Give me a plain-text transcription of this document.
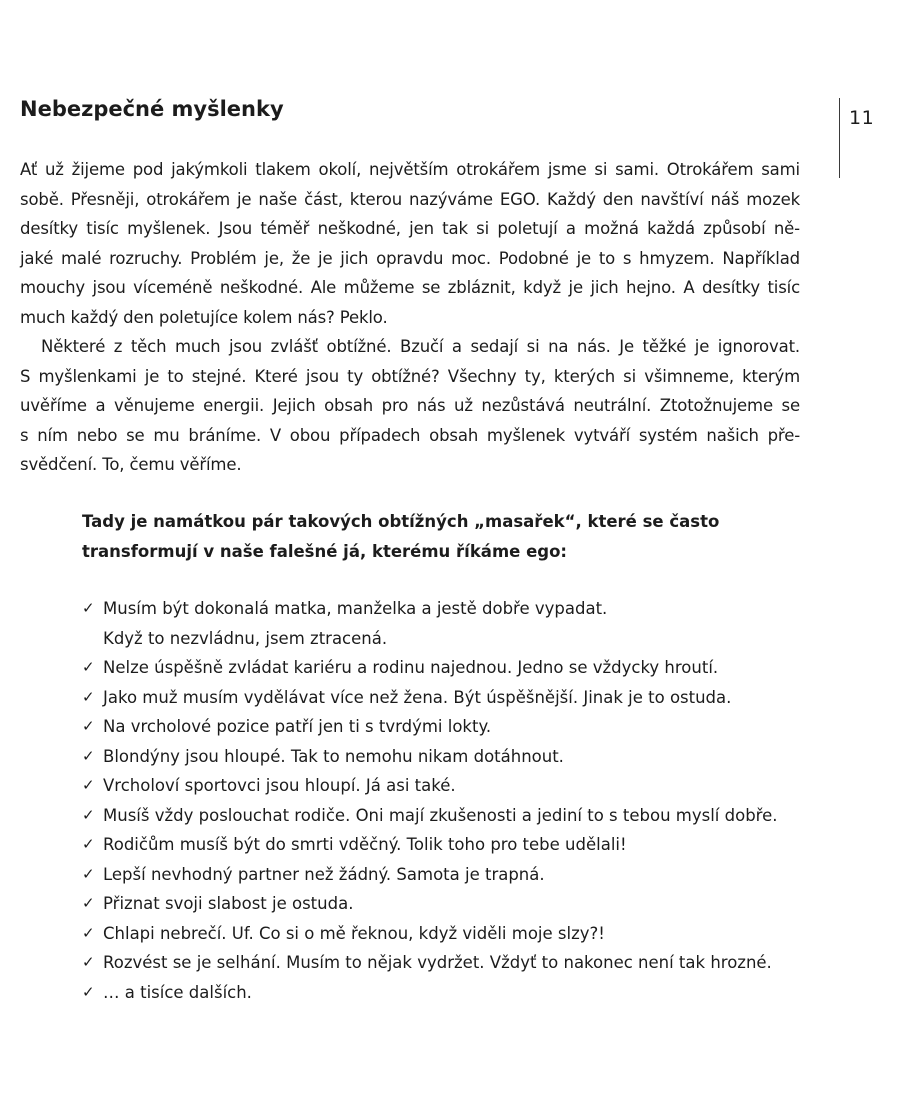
11
Nebezpečné myšlenky

Ať už žijeme pod jakýmkoli tlakem okolí, největším otrokářem jsme si sami. Otrokářem sami
sobě. Přesněji, otrokářem je naše část, kterou nazýváme EGO. Každý den navštíví náš mozek
desítky tisíc myšlenek. Jsou téměř neškodné, jen tak si poletují a možná každá způsobí ně-
jaké malé rozruchy. Problém je, že je jich opravdu moc. Podobné je to s hmyzem. Například
mouchy jsou víceméně neškodné. Ale můžeme se zbláznit, když je jich hejno. A desítky tisíc
much každý den poletujíce kolem nás? Peklo.

Některé z těch much jsou zvlášť obtížné. Bzučí a sedají si na nás. Je těžké je ignorovat.
S myšlenkami je to stejné. Které jsou ty obtížné? Všechny ty, kterých si všimneme, kterým
uvěříme a věnujeme energii. Jejich obsah pro nás už nezůstává neutrální. Ztotožnujeme se
s ním nebo se mu bráníme. V obou případech obsah myšlenek vytváří systém našich pře-
svědčení. To, čemu věříme.

Tady je namátkou pár takových obtížných „masařek“, které se často
transformují v naše falešné já, kterému říkáme ego:
✓ Musím být dokonalá matka, manželka a jestě dobře vypadat.
Když to nezvládnu, jsem ztracená.
✓ Nelze úspěšně zvládat kariéru a rodinu najednou. Jedno se vždycky hroutí.
✓ Jako muž musím vydělávat více než žena. Být úspěšnější. Jinak je to ostuda.
✓ Na vrcholové pozice patří jen ti s tvrdými lokty.
✓ Blondýny jsou hloupé. Tak to nemohu nikam dotáhnout.
✓ Vrcholoví sportovci jsou hloupí. Já asi také.
✓ Musíš vždy poslouchat rodiče. Oni mají zkušenosti a jediní to s tebou myslí dobře.
✓ Rodičům musíš být do smrti vděčný. Tolik toho pro tebe udělali!
✓ Lepší nevhodný partner než žádný. Samota je trapná.
✓ Přiznat svoji slabost je ostuda.
✓ Chlapi nebrečí. Uf. Co si o mě řeknou, když viděli moje slzy?!
✓ Rozvést se je selhání. Musím to nějak vydržet. Vždyť to nakonec není tak hrozné.
✓ … a tisíce dalších.
